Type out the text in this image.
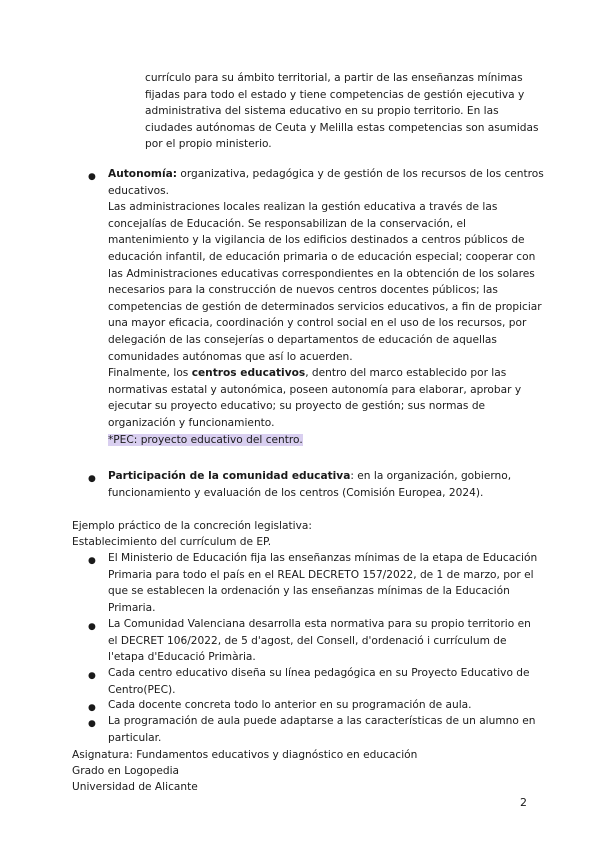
currículo para su ámbito territorial, a partir de las enseñanzas mínimas fijadas para todo el estado y tiene competencias de gestión ejecutiva y administrativa del sistema educativo en su propio territorio. En las ciudades autónomas de Ceuta y Melilla estas competencias son asumidas por el propio ministerio.

● Autonomía: organizativa, pedagógica y de gestión de los recursos de los centros educativos.

Las administraciones locales realizan la gestión educativa a través de las concejalías de Educación. Se responsabilizan de la conservación, el mantenimiento y la vigilancia de los edificios destinados a centros públicos de educación infantil, de educación primaria o de educación especial; cooperar con las Administraciones educativas correspondientes en la obtención de los solares necesarios para la construcción de nuevos centros docentes públicos; las competencias de gestión de determinados servicios educativos, a fin de propiciar una mayor eficacia, coordinación y control social en el uso de los recursos, por delegación de las consejerías o departamentos de educación de aquellas comunidades autónomas que así lo acuerden.

Finalmente, los centros educativos, dentro del marco establecido por las normativas estatal y autonómica, poseen autonomía para elaborar, aprobar y ejecutar su proyecto educativo; su proyecto de gestión; sus normas de organización y funcionamiento.

*PEC: proyecto educativo del centro.

● Participación de la comunidad educativa: en la organización, gobierno, funcionamiento y evaluación de los centros (Comisión Europea, 2024).

Ejemplo práctico de la concreción legislativa:

Establecimiento del currículum de EP.

● El Ministerio de Educación fija las enseñanzas mínimas de la etapa de Educación Primaria para todo el país en el REAL DECRETO 157/2022, de 1 de marzo, por el que se establecen la ordenación y las enseñanzas mínimas de la Educación Primaria.

● La Comunidad Valenciana desarrolla esta normativa para su propio territorio en el DECRET 106/2022, de 5 d'agost, del Consell, d'ordenació i currículum de l'etapa d'Educació Primària.

● Cada centro educativo diseña su línea pedagógica en su Proyecto Educativo de Centro(PEC).

● Cada docente concreta todo lo anterior en su programación de aula.

● La programación de aula puede adaptarse a las características de un alumno en particular.

Asignatura: Fundamentos educativos y diagnóstico en educación

Grado en Logopedia

Universidad de Alicante

2
